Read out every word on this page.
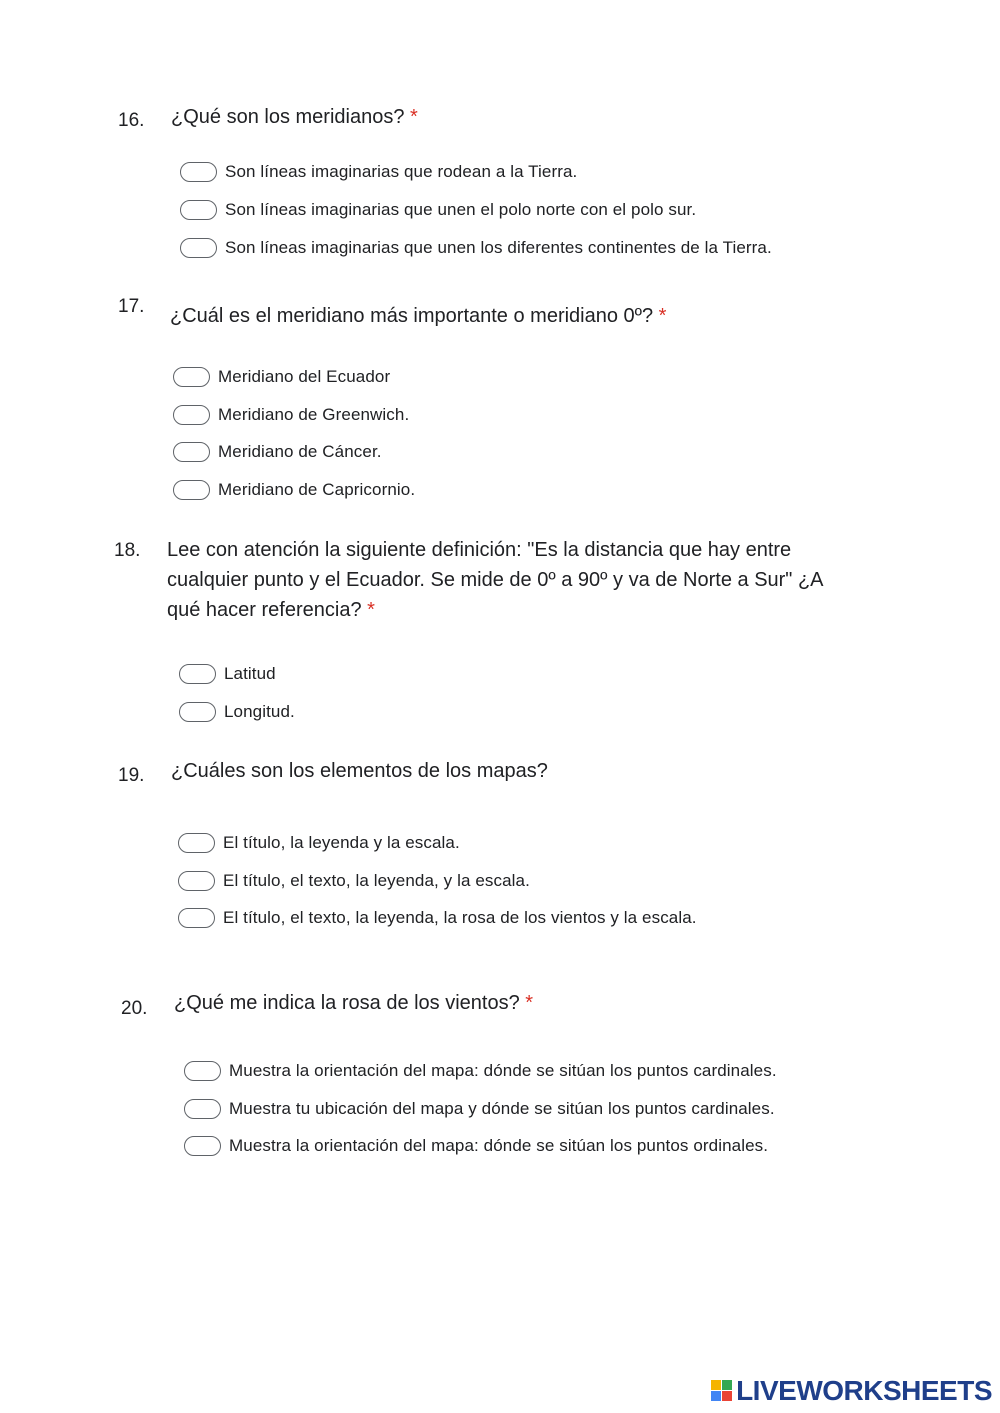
16. ¿Qué son los meridianos? *
Son líneas imaginarias que rodean a la Tierra.
Son líneas imaginarias que unen el polo norte con el polo sur.
Son líneas imaginarias que unen los diferentes continentes de la Tierra.
17. ¿Cuál es el meridiano más importante o meridiano 0º? *
Meridiano del Ecuador
Meridiano de Greenwich.
Meridiano de Cáncer.
Meridiano de Capricornio.
18. Lee con atención la siguiente definición: "Es la distancia que hay entre cualquier punto y el Ecuador. Se mide de 0º a 90º y va de Norte a Sur" ¿A qué hacer referencia? *
Latitud
Longitud.
19. ¿Cuáles son los elementos de los mapas?
El título, la leyenda y la escala.
El título, el texto, la leyenda, y la escala.
El título, el texto, la leyenda, la rosa de los vientos y la escala.
20. ¿Qué me indica la rosa de los vientos? *
Muestra la orientación del mapa: dónde se sitúan los puntos cardinales.
Muestra tu ubicación del mapa y dónde se sitúan los puntos cardinales.
Muestra la orientación del mapa: dónde se sitúan los puntos ordinales.
LIVEWORKSHEETS
